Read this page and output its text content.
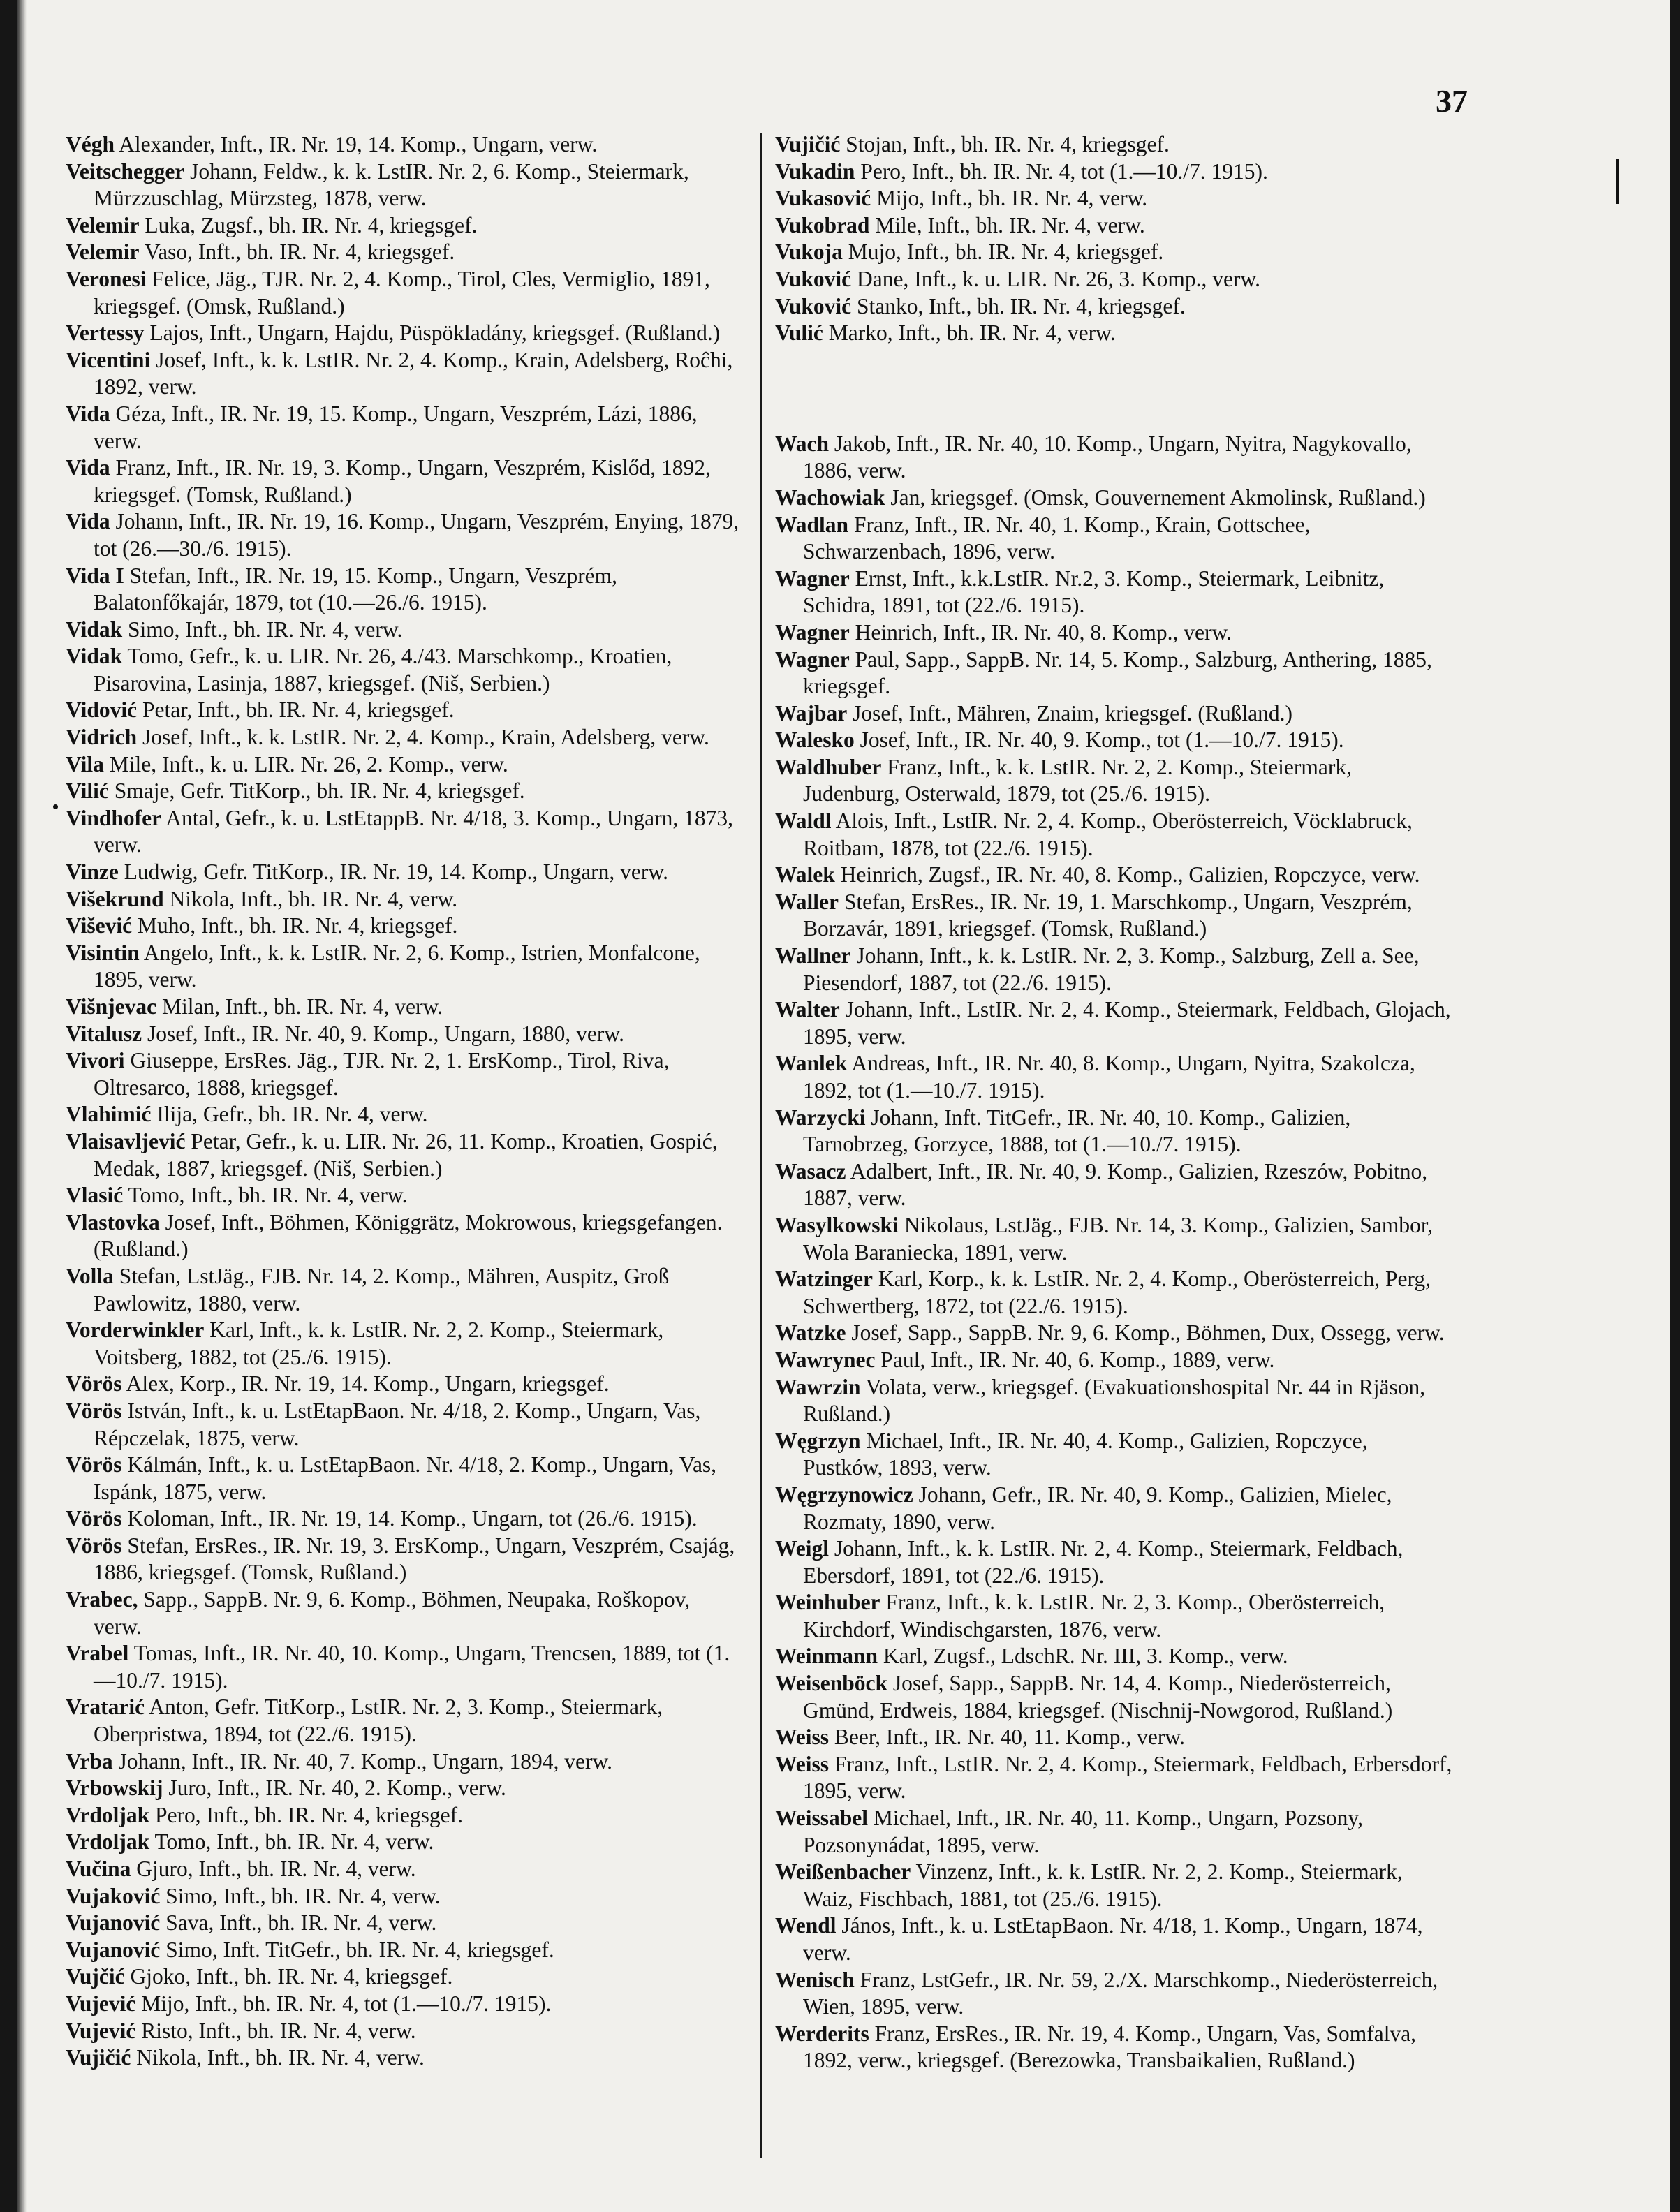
37

Végh Alexander, Inft., IR. Nr. 19, 14. Komp., Ungarn, verw.

Veitschegger Johann, Feldw., k. k. LstIR. Nr. 2, 6. Komp., Steiermark, Mürzzuschlag, Mürzsteg, 1878, verw.

Velemir Luka, Zugsf., bh. IR. Nr. 4, kriegsgef.

Velemir Vaso, Inft., bh. IR. Nr. 4, kriegsgef.

Veronesi Felice, Jäg., TJR. Nr. 2, 4. Komp., Tirol, Cles, Vermiglio, 1891, kriegsgef. (Omsk, Rußland.)

Vertessy Lajos, Inft., Ungarn, Hajdu, Püspökladány, kriegsgef. (Rußland.)

Vicentini Josef, Inft., k. k. LstIR. Nr. 2, 4. Komp., Krain, Adelsberg, Roĉhi, 1892, verw.

Vida Géza, Inft., IR. Nr. 19, 15. Komp., Ungarn, Veszprém, Lázi, 1886, verw.

Vida Franz, Inft., IR. Nr. 19, 3. Komp., Ungarn, Veszprém, Kislőd, 1892, kriegsgef. (Tomsk, Rußland.)

Vida Johann, Inft., IR. Nr. 19, 16. Komp., Ungarn, Veszprém, Enying, 1879, tot (26.—30./6. 1915).

Vida I Stefan, Inft., IR. Nr. 19, 15. Komp., Ungarn, Veszprém, Balatonfőkajár, 1879, tot (10.—26./6. 1915).

Vidak Simo, Inft., bh. IR. Nr. 4, verw.

Vidak Tomo, Gefr., k. u. LIR. Nr. 26, 4./43. Marschkomp., Kroatien, Pisarovina, Lasinja, 1887, kriegsgef. (Niš, Serbien.)

Vidović Petar, Inft., bh. IR. Nr. 4, kriegsgef.

Vidrich Josef, Inft., k. k. LstIR. Nr. 2, 4. Komp., Krain, Adelsberg, verw.

Vila Mile, Inft., k. u. LIR. Nr. 26, 2. Komp., verw.

Vilić Smaje, Gefr. TitKorp., bh. IR. Nr. 4, kriegsgef.

Vindhofer Antal, Gefr., k. u. LstEtappB. Nr. 4/18, 3. Komp., Ungarn, 1873, verw.

Vinze Ludwig, Gefr. TitKorp., IR. Nr. 19, 14. Komp., Ungarn, verw.

Višekrund Nikola, Inft., bh. IR. Nr. 4, verw.

Višević Muho, Inft., bh. IR. Nr. 4, kriegsgef.

Visintin Angelo, Inft., k. k. LstIR. Nr. 2, 6. Komp., Istrien, Monfalcone, 1895, verw.

Višnjevac Milan, Inft., bh. IR. Nr. 4, verw.

Vitalusz Josef, Inft., IR. Nr. 40, 9. Komp., Ungarn, 1880, verw.

Vivori Giuseppe, ErsRes. Jäg., TJR. Nr. 2, 1. ErsKomp., Tirol, Riva, Oltresarco, 1888, kriegsgef.

Vlahimić Ilija, Gefr., bh. IR. Nr. 4, verw.

Vlaisavljević Petar, Gefr., k. u. LIR. Nr. 26, 11. Komp., Kroatien, Gospić, Medak, 1887, kriegsgef. (Niš, Serbien.)

Vlasić Tomo, Inft., bh. IR. Nr. 4, verw.

Vlastovka Josef, Inft., Böhmen, Königgrätz, Mokrowous, kriegsgefangen. (Rußland.)

Volla Stefan, LstJäg., FJB. Nr. 14, 2. Komp., Mähren, Auspitz, Groß Pawlowitz, 1880, verw.

Vorderwinkler Karl, Inft., k. k. LstIR. Nr. 2, 2. Komp., Steiermark, Voitsberg, 1882, tot (25./6. 1915).

Vörös Alex, Korp., IR. Nr. 19, 14. Komp., Ungarn, kriegsgef.

Vörös István, Inft., k. u. LstEtapBaon. Nr. 4/18, 2. Komp., Ungarn, Vas, Répczelak, 1875, verw.

Vörös Kálmán, Inft., k. u. LstEtapBaon. Nr. 4/18, 2. Komp., Ungarn, Vas, Ispánk, 1875, verw.

Vörös Koloman, Inft., IR. Nr. 19, 14. Komp., Ungarn, tot (26./6. 1915).

Vörös Stefan, ErsRes., IR. Nr. 19, 3. ErsKomp., Ungarn, Veszprém, Csajág, 1886, kriegsgef. (Tomsk, Rußland.)

Vrabec, Sapp., SappB. Nr. 9, 6. Komp., Böhmen, Neupaka, Roškopov, verw.

Vrabel Tomas, Inft., IR. Nr. 40, 10. Komp., Ungarn, Trencsen, 1889, tot (1.—10./7. 1915).

Vratarić Anton, Gefr. TitKorp., LstIR. Nr. 2, 3. Komp., Steiermark, Oberpristwa, 1894, tot (22./6. 1915).

Vrba Johann, Inft., IR. Nr. 40, 7. Komp., Ungarn, 1894, verw.

Vrbowskij Juro, Inft., IR. Nr. 40, 2. Komp., verw.

Vrdoljak Pero, Inft., bh. IR. Nr. 4, kriegsgef.

Vrdoljak Tomo, Inft., bh. IR. Nr. 4, verw.

Vučina Gjuro, Inft., bh. IR. Nr. 4, verw.

Vujaković Simo, Inft., bh. IR. Nr. 4, verw.

Vujanović Sava, Inft., bh. IR. Nr. 4, verw.

Vujanović Simo, Inft. TitGefr., bh. IR. Nr. 4, kriegsgef.

Vujčić Gjoko, Inft., bh. IR. Nr. 4, kriegsgef.

Vujević Mijo, Inft., bh. IR. Nr. 4, tot (1.—10./7. 1915).

Vujević Risto, Inft., bh. IR. Nr. 4, verw.

Vujičić Nikola, Inft., bh. IR. Nr. 4, verw.

Vujičić Stojan, Inft., bh. IR. Nr. 4, kriegsgef.

Vukadin Pero, Inft., bh. IR. Nr. 4, tot (1.—10./7. 1915).

Vukasović Mijo, Inft., bh. IR. Nr. 4, verw.

Vukobrad Mile, Inft., bh. IR. Nr. 4, verw.

Vukoja Mujo, Inft., bh. IR. Nr. 4, kriegsgef.

Vuković Dane, Inft., k. u. LIR. Nr. 26, 3. Komp., verw.

Vuković Stanko, Inft., bh. IR. Nr. 4, kriegsgef.

Vulić Marko, Inft., bh. IR. Nr. 4, verw.

Wach Jakob, Inft., IR. Nr. 40, 10. Komp., Ungarn, Nyitra, Nagykovallo, 1886, verw.

Wachowiak Jan, kriegsgef. (Omsk, Gouvernement Akmolinsk, Rußland.)

Wadlan Franz, Inft., IR. Nr. 40, 1. Komp., Krain, Gottschee, Schwarzenbach, 1896, verw.

Wagner Ernst, Inft., k.k.LstIR. Nr.2, 3. Komp., Steiermark, Leibnitz, Schidra, 1891, tot (22./6. 1915).

Wagner Heinrich, Inft., IR. Nr. 40, 8. Komp., verw.

Wagner Paul, Sapp., SappB. Nr. 14, 5. Komp., Salzburg, Anthering, 1885, kriegsgef.

Wajbar Josef, Inft., Mähren, Znaim, kriegsgef. (Rußland.)

Walesko Josef, Inft., IR. Nr. 40, 9. Komp., tot (1.—10./7. 1915).

Waldhuber Franz, Inft., k. k. LstIR. Nr. 2, 2. Komp., Steiermark, Judenburg, Osterwald, 1879, tot (25./6. 1915).

Waldl Alois, Inft., LstIR. Nr. 2, 4. Komp., Oberösterreich, Vöcklabruck, Roitbam, 1878, tot (22./6. 1915).

Walek Heinrich, Zugsf., IR. Nr. 40, 8. Komp., Galizien, Ropczyce, verw.

Waller Stefan, ErsRes., IR. Nr. 19, 1. Marschkomp., Ungarn, Veszprém, Borzavár, 1891, kriegsgef. (Tomsk, Rußland.)

Wallner Johann, Inft., k. k. LstIR. Nr. 2, 3. Komp., Salzburg, Zell a. See, Piesendorf, 1887, tot (22./6. 1915).

Walter Johann, Inft., LstIR. Nr. 2, 4. Komp., Steiermark, Feldbach, Glojach, 1895, verw.

Wanlek Andreas, Inft., IR. Nr. 40, 8. Komp., Ungarn, Nyitra, Szakolcza, 1892, tot (1.—10./7. 1915).

Warzycki Johann, Inft. TitGefr., IR. Nr. 40, 10. Komp., Galizien, Tarnobrzeg, Gorzyce, 1888, tot (1.—10./7. 1915).

Wasacz Adalbert, Inft., IR. Nr. 40, 9. Komp., Galizien, Rzeszów, Pobitno, 1887, verw.

Wasylkowski Nikolaus, LstJäg., FJB. Nr. 14, 3. Komp., Galizien, Sambor, Wola Baraniecka, 1891, verw.

Watzinger Karl, Korp., k. k. LstIR. Nr. 2, 4. Komp., Oberösterreich, Perg, Schwertberg, 1872, tot (22./6. 1915).

Watzke Josef, Sapp., SappB. Nr. 9, 6. Komp., Böhmen, Dux, Ossegg, verw.

Wawrynec Paul, Inft., IR. Nr. 40, 6. Komp., 1889, verw.

Wawrzin Volata, verw., kriegsgef. (Evakuationshospital Nr. 44 in Rjäson, Rußland.)

Węgrzyn Michael, Inft., IR. Nr. 40, 4. Komp., Galizien, Ropczyce, Pustków, 1893, verw.

Węgrzynowicz Johann, Gefr., IR. Nr. 40, 9. Komp., Galizien, Mielec, Rozmaty, 1890, verw.

Weigl Johann, Inft., k. k. LstIR. Nr. 2, 4. Komp., Steiermark, Feldbach, Ebersdorf, 1891, tot (22./6. 1915).

Weinhuber Franz, Inft., k. k. LstIR. Nr. 2, 3. Komp., Oberösterreich, Kirchdorf, Windischgarsten, 1876, verw.

Weinmann Karl, Zugsf., LdschR. Nr. III, 3. Komp., verw.

Weisenböck Josef, Sapp., SappB. Nr. 14, 4. Komp., Niederösterreich, Gmünd, Erdweis, 1884, kriegsgef. (Nischnij-Nowgorod, Rußland.)

Weiss Beer, Inft., IR. Nr. 40, 11. Komp., verw.

Weiss Franz, Inft., LstIR. Nr. 2, 4. Komp., Steiermark, Feldbach, Erbersdorf, 1895, verw.

Weissabel Michael, Inft., IR. Nr. 40, 11. Komp., Ungarn, Pozsony, Pozsonynádat, 1895, verw.

Weißenbacher Vinzenz, Inft., k. k. LstIR. Nr. 2, 2. Komp., Steiermark, Waiz, Fischbach, 1881, tot (25./6. 1915).

Wendl János, Inft., k. u. LstEtapBaon. Nr. 4/18, 1. Komp., Ungarn, 1874, verw.

Wenisch Franz, LstGefr., IR. Nr. 59, 2./X. Marschkomp., Niederösterreich, Wien, 1895, verw.

Werderits Franz, ErsRes., IR. Nr. 19, 4. Komp., Ungarn, Vas, Somfalva, 1892, verw., kriegsgef. (Berezowka, Transbaikalien, Rußland.)
